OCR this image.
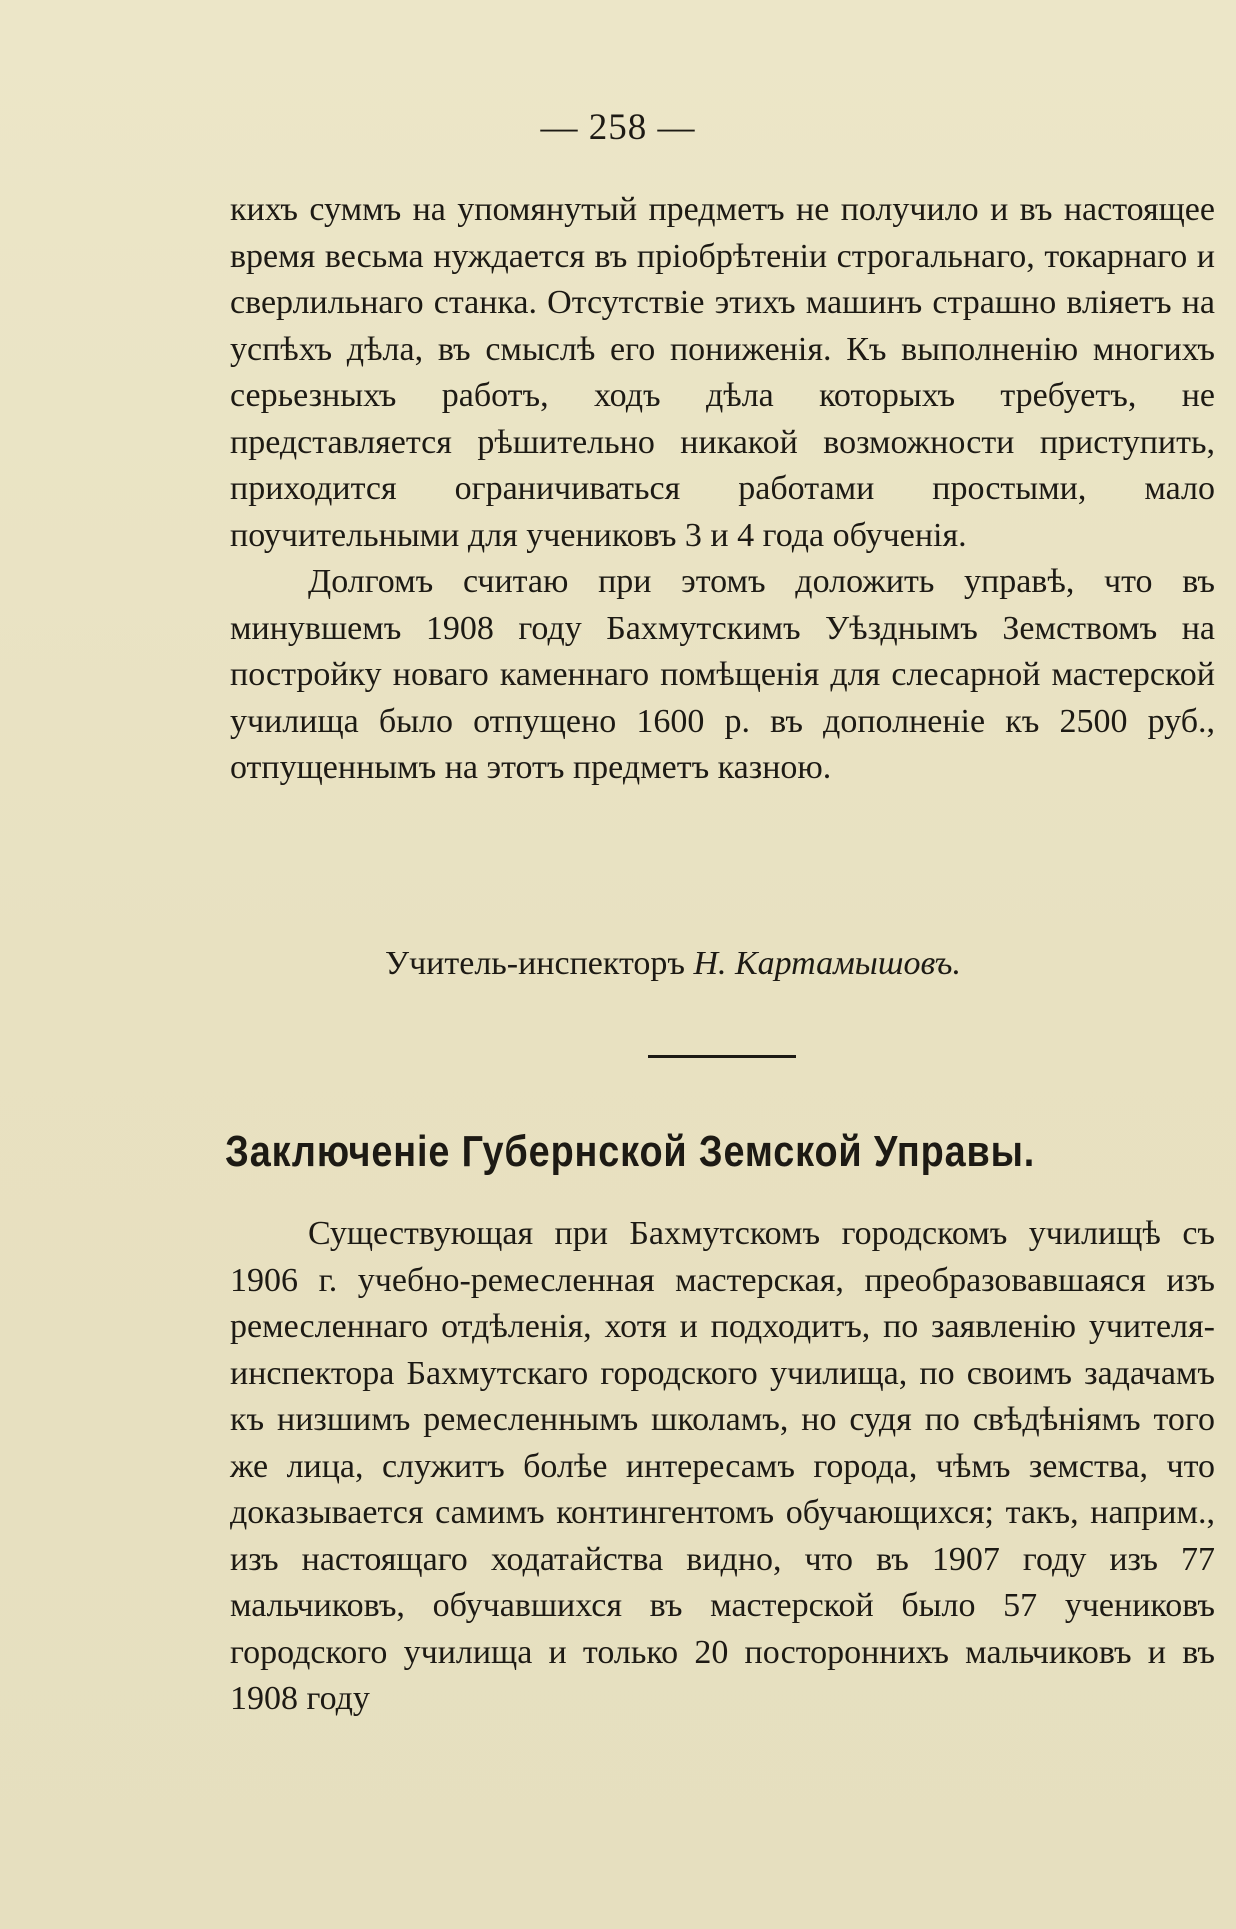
— 258 —

кихъ суммъ на упомянутый предметъ не получило и въ настоящее время весьма нуждается въ пріобрѣтеніи строгальнаго, токарнаго и сверлильнаго станка. Отсутствіе этихъ машинъ страшно вліяетъ на успѣхъ дѣла, въ смыслѣ его пониженія. Къ выполненію многихъ серьезныхъ работъ, ходъ дѣла которыхъ требуетъ, не представляется рѣшительно никакой возможности приступить, приходится ограничиваться работами простыми, мало поучительными для учениковъ 3 и 4 года обученія.

Долгомъ считаю при этомъ доложить управѣ, что въ минувшемъ 1908 году Бахмутскимъ Уѣзднымъ Земствомъ на постройку новаго каменнаго помѣщенія для слесарной мастерской училища было отпущено 1600 р. въ дополненіе къ 2500 руб., отпущеннымъ на этотъ предметъ казною.

Учитель-инспекторъ Н. Картамышовъ.
Заключеніе Губернской Земской Управы.

Существующая при Бахмутскомъ городскомъ училищѣ съ 1906 г. учебно-ремесленная мастерская, преобразовавшаяся изъ ремесленнаго отдѣленія, хотя и подходитъ, по заявленію учителя-инспектора Бахмутскаго городского училища, по своимъ задачамъ къ низшимъ ремесленнымъ школамъ, но судя по свѣдѣніямъ того же лица, служитъ болѣе интересамъ города, чѣмъ земства, что доказывается самимъ контингентомъ обучающихся; такъ, наприм., изъ настоящаго ходатайства видно, что въ 1907 году изъ 77 мальчиковъ, обучавшихся въ мастерской было 57 учениковъ городского училища и только 20 постороннихъ мальчиковъ и въ 1908 году
